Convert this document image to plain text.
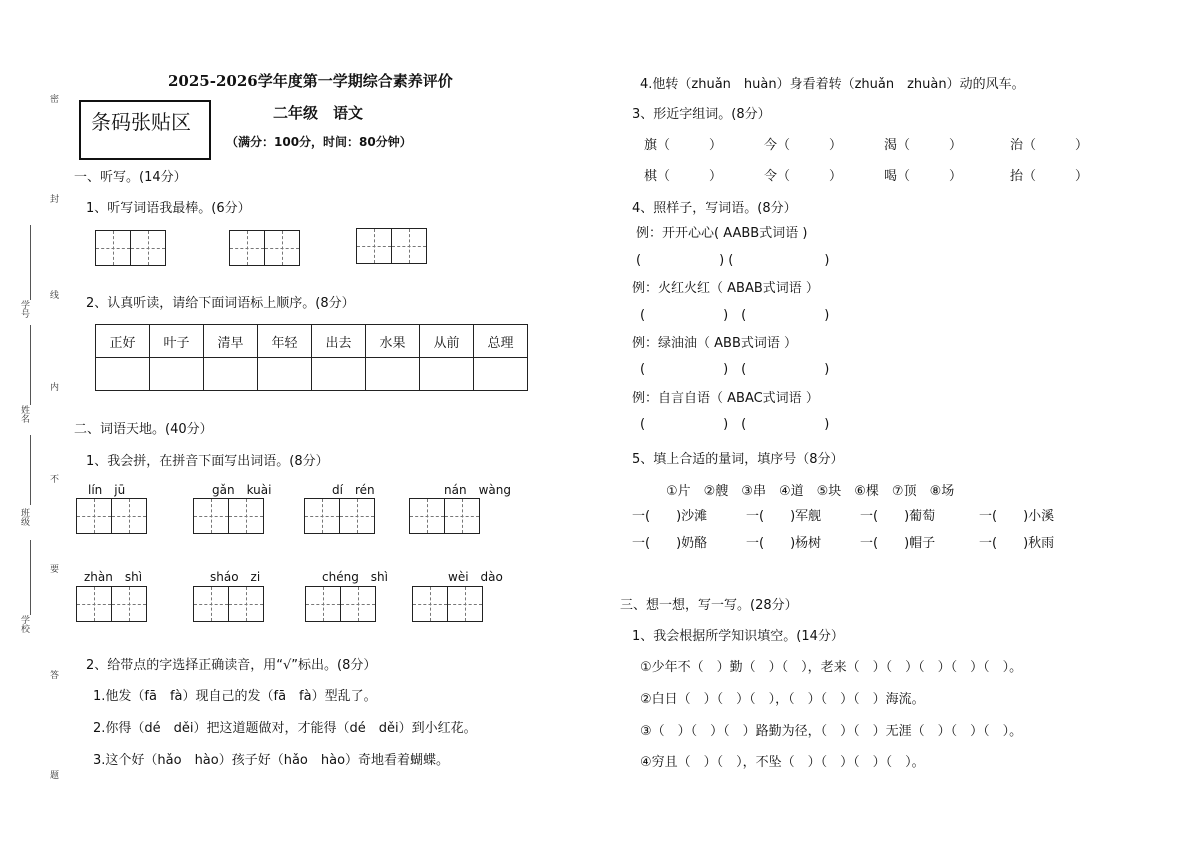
2025-2026学年度第一学期综合素养评价
二年级　语文
（满分：100分，时间：80分钟）
条码张贴区
密
封
线
内
不
要
答
题
学号
姓名
班级
学校
一、听写。(14分）
1、听写词语我最棒。(6分）
2、认真听读，请给下面词语标上顺序。(8分）
正好	叶子	清早	年轻	出去	水果	从前	总理

二、词语天地。(40分）
1、我会拼，在拼音下面写出词语。(8分）
lín　jū	gǎn　kuài	dí　rén	nán　wàng
zhàn　shì	sháo　zi	chéng　shì	wèi　dào
2、给带点的字选择正确读音，用“√”标出。(8分）
1.他发（fā　fà）现自己的发（fā　fà）型乱了。
2.你得（dé　děi）把这道题做对，才能得（dé　děi）到小红花。
3.这个好（hǎo　hào）孩子好（hǎo　hào）奇地看着蝴蝶。
4.他转（zhuǎn　huàn）身看着转（zhuǎn　zhuàn）动的风车。
3、形近字组词。(8分）
旗（　　　）	今（　　　）	渴（　　　）	治（　　　）
棋（　　　）	令（　　　）	喝（　　　）	抬（　　　）
4、照样子，写词语。(8分）
例：开开心心( AABB式词语 )
(　　　　　　) (　　　　　　　)
例：火红火红（ ABAB式词语 ）
(　　　　　　)　(　　　　　　)
例：绿油油（ ABB式词语 ）
(　　　　　　)　(　　　　　　)
例：自言自语（ ABAC式词语 ）
(　　　　　　)　(　　　　　　)
5、填上合适的量词，填序号（8分）
①片　②艘　③串　④道　⑤块　⑥棵　⑦顶　⑧场
一(　　)沙滩	一(　　)军舰	一(　　)葡萄	一(　　)小溪
一(　　)奶酪	一(　　)杨树	一(　　)帽子	一(　　)秋雨
三、想一想，写一写。(28分）
1、我会根据所学知识填空。(14分）
①少年不（　）勤（　）（　），老来（　）（　）（　）（　）（　）。
②白日（　）（　）（　），（　）（　）（　）海流。
③（　）（　）（　）路勤为径，（　）（　）无涯（　）（　）（　）。
④穷且（　）（　），不坠（　）（　）（　）（　）。
